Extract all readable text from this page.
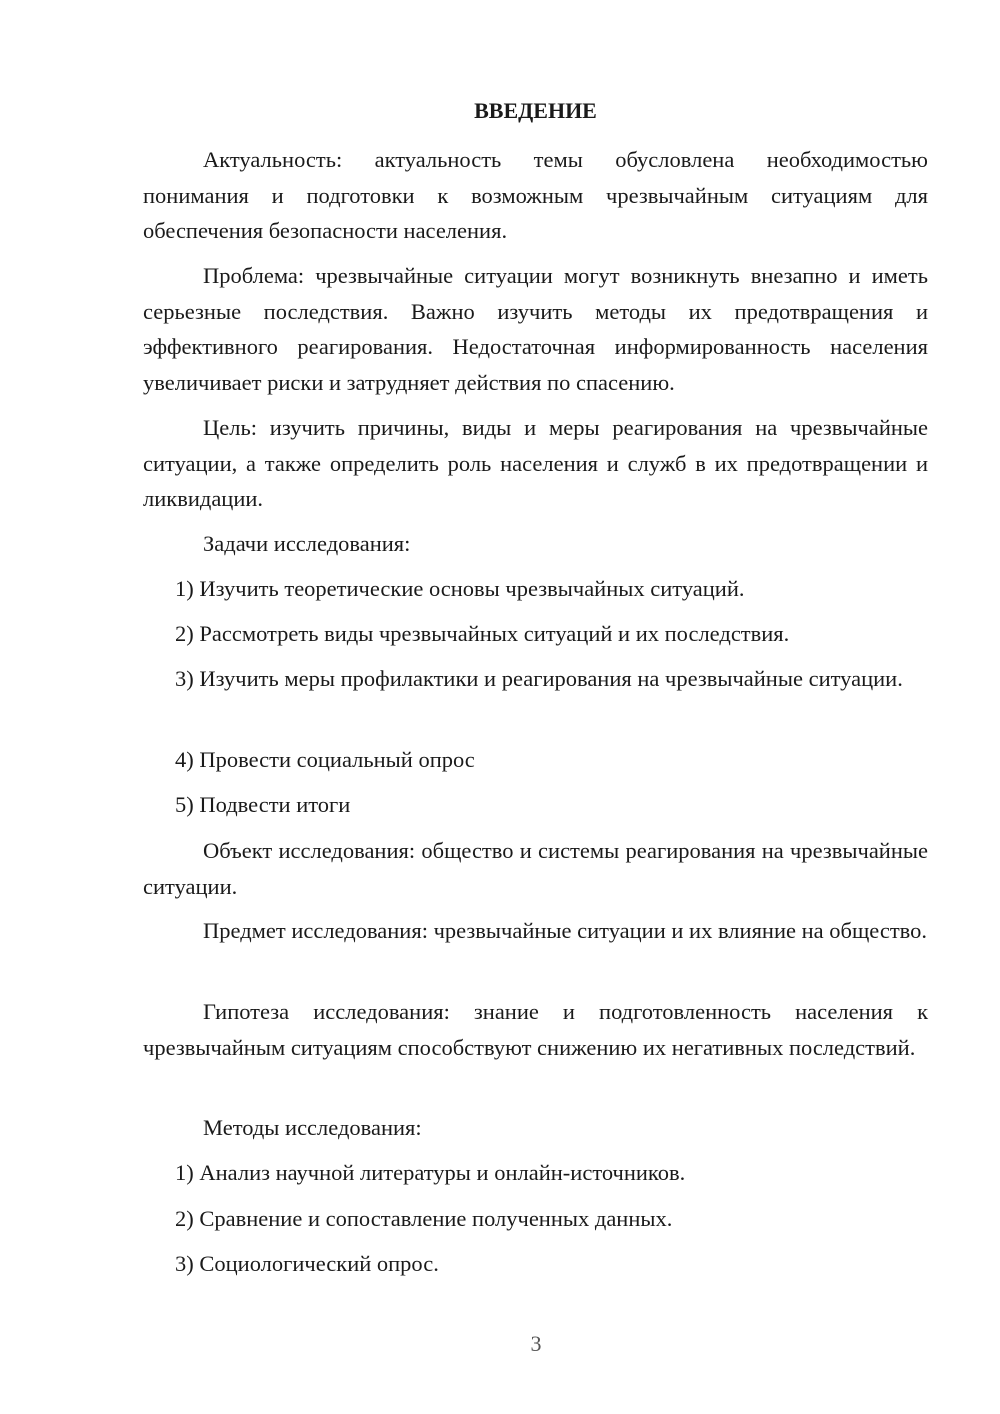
ВВЕДЕНИЕ

Актуальность: актуальность темы обусловлена необходимостью понимания и подготовки к возможным чрезвычайным ситуациям для обеспечения безопасности населения.

Проблема: чрезвычайные ситуации могут возникнуть внезапно и иметь серьезные последствия. Важно изучить методы их предотвращения и эффективного реагирования. Недостаточная информированность населения увеличивает риски и затрудняет действия по спасению.

Цель: изучить причины, виды и меры реагирования на чрезвычайные ситуации, а также определить роль населения и служб в их предотвращении и ликвидации.

Задачи исследования:

1) Изучить теоретические основы чрезвычайных ситуаций.

2) Рассмотреть виды чрезвычайных ситуаций и их последствия.

3) Изучить меры профилактики и реагирования на чрезвычайные ситуации.

4) Провести социальный опрос

5) Подвести итоги

Объект исследования: общество и системы реагирования на чрезвычайные ситуации.

Предмет исследования: чрезвычайные ситуации и их влияние на общество.

Гипотеза исследования: знание и подготовленность населения к чрезвычайным ситуациям способствуют снижению их негативных последствий.

Методы исследования:

1) Анализ научной литературы и онлайн-источников.

2) Сравнение и сопоставление полученных данных.

3) Социологический опрос.

3
